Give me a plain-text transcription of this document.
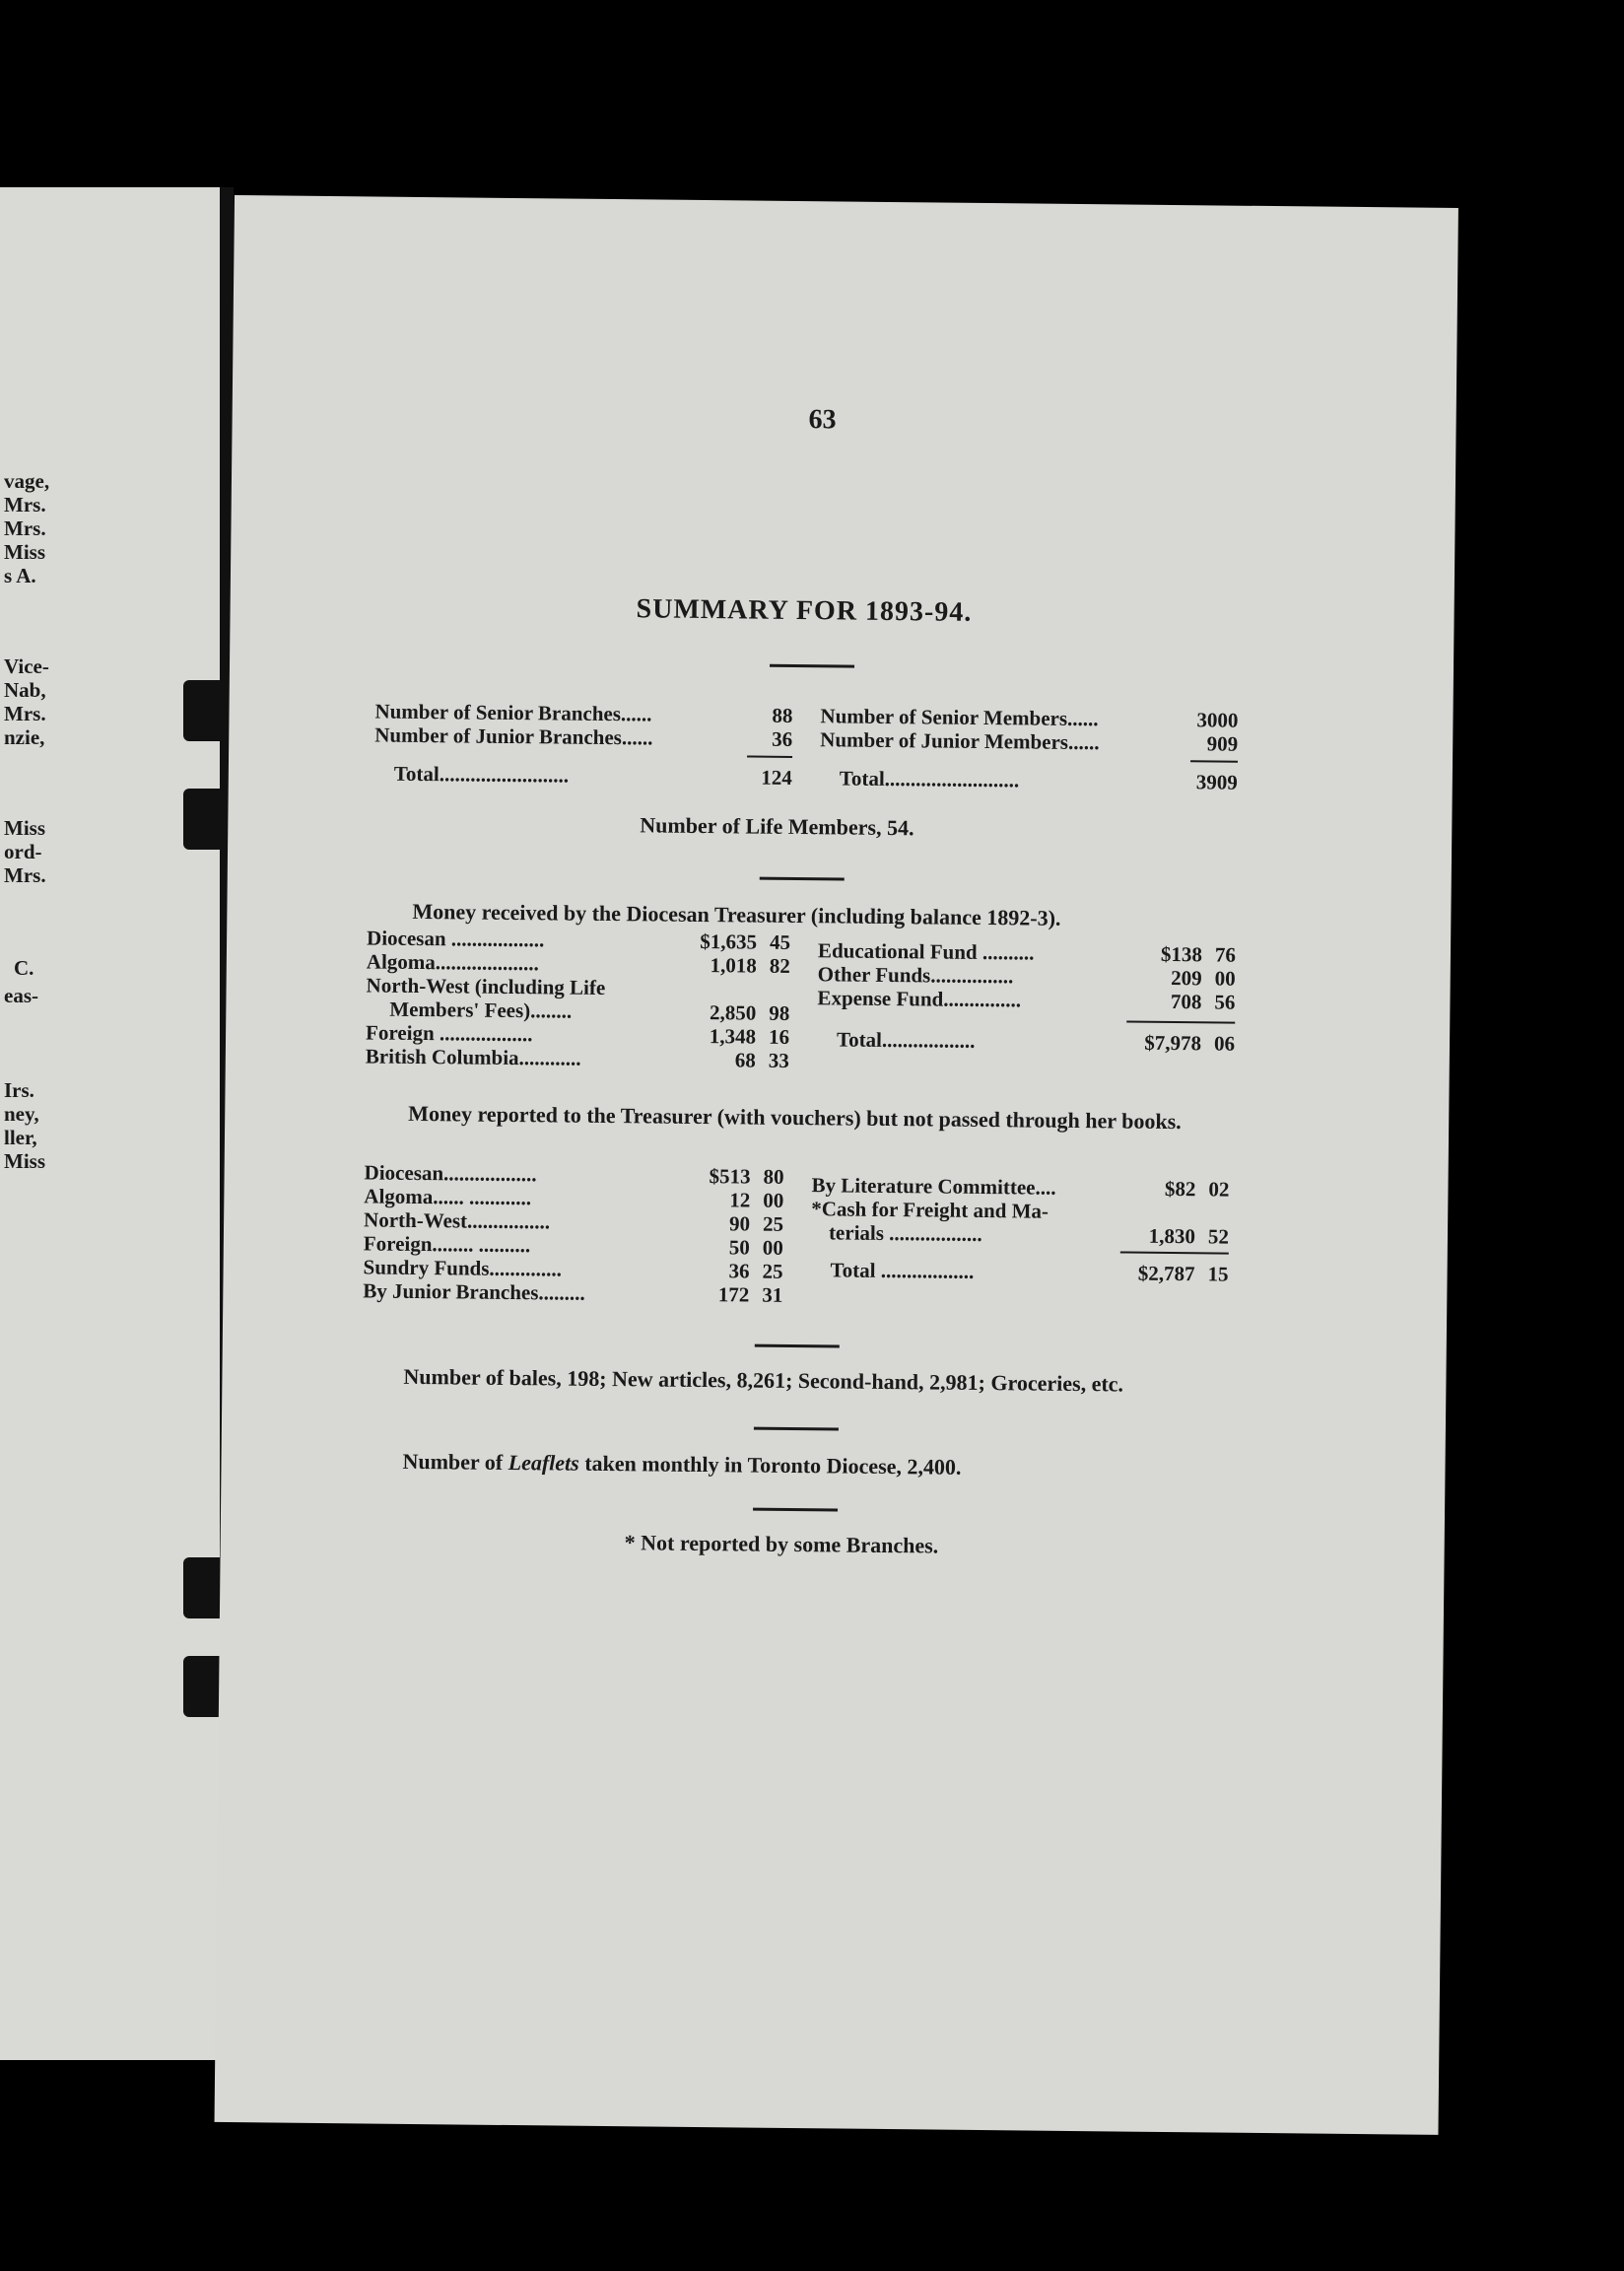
vage,
Mrs.
Mrs.
Miss
s A.
Vice-
Nab,
Mrs.
nzie,
Miss
ord-
Mrs.
C.
eas-
Irs.
ney,
ller,
Miss
63
SUMMARY FOR 1893-94.
Number of Senior Branches......	88
Number of Junior Branches......	36
Total.........................	124
Number of Senior Members......	3000
Number of Junior Members......	909
Total..........................	3909
Number of Life Members, 54.
Money received by the Diocesan Treasurer (including balance 1892-3).
Diocesan ..................	$1,635 45
Algoma....................	1,018 82
North-West (including Life
Members' Fees)........	2,850 98
Foreign ..................	1,348 16
British Columbia............	68 33
Educational Fund ..........	$138 76
Other Funds................	209 00
Expense Fund...............	708 56
Total..................	$7,978 06
Money reported to the Treasurer (with vouchers) but not passed through her books.
Diocesan..................	$513 80
Algoma...... ............	12 00
North-West................	90 25
Foreign........ ..........	50 00
Sundry Funds..............	36 25
By Junior Branches.........	172 31
By Literature Committee....	$82 02
*Cash for Freight and Ma-
terials ..................	1,830 52
Total ..................	$2,787 15
Number of bales, 198; New articles, 8,261; Second-hand, 2,981; Groceries, etc.
Number of Leaflets taken monthly in Toronto Diocese, 2,400.
* Not reported by some Branches.
